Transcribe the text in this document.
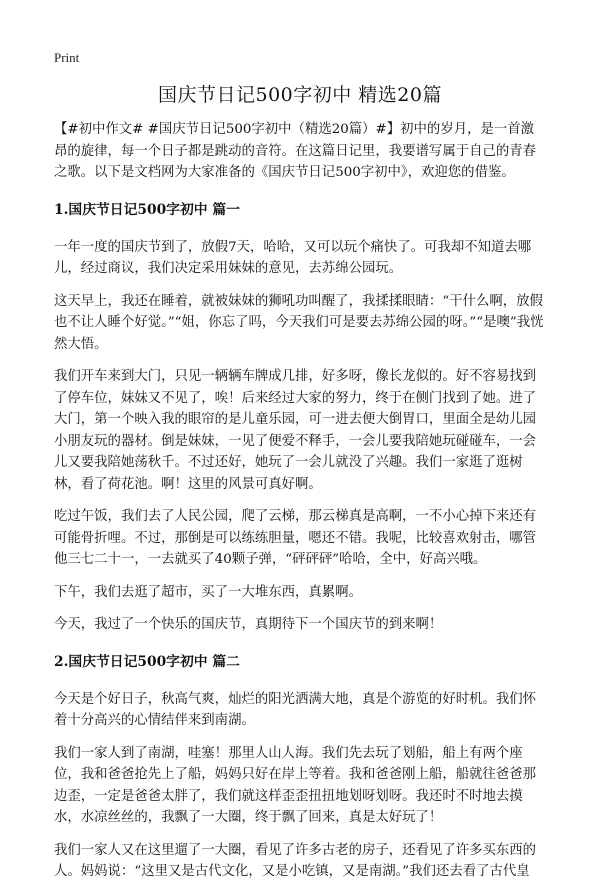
Print
国庆节日记500字初中 精选20篇

【#初中作文# #国庆节日记500字初中（精选20篇）#】初中的岁月，是一首激昂的旋律，每一个日子都是跳动的音符。在这篇日记里，我要谱写属于自己的青春之歌。以下是文档网为大家准备的《国庆节日记500字初中》，欢迎您的借鉴。

1.国庆节日记500字初中 篇一

一年一度的国庆节到了，放假7天，哈哈，又可以玩个痛快了。可我却不知道去哪儿，经过商议，我们决定采用妹妹的意见，去苏绵公园玩。

这天早上，我还在睡着，就被妹妹的狮吼功叫醒了，我揉揉眼睛：“干什么啊，放假也不让人睡个好觉。”“姐，你忘了吗，今天我们可是要去苏绵公园的呀。”“是噢”我恍然大悟。

我们开车来到大门，只见一辆辆车牌成几排，好多呀，像长龙似的。好不容易找到了停车位，妹妹又不见了，唉！后来经过大家的努力，终于在侧门找到了她。进了大门，第一个映入我的眼帘的是儿童乐园，可一进去便大倒胃口，里面全是幼儿园小朋友玩的器材。倒是妹妹，一见了便爱不释手，一会儿要我陪她玩碰碰车，一会儿又要我陪她荡秋千。不过还好，她玩了一会儿就没了兴趣。我们一家逛了逛树林，看了荷花池。啊！这里的风景可真好啊。

吃过午饭，我们去了人民公园，爬了云梯，那云梯真是高啊，一不小心掉下来还有可能骨折哩。不过，那倒是可以练练胆量，嗯还不错。我呢，比较喜欢射击，哪管他三七二十一，一去就买了40颗子弹，“砰砰砰”哈哈，全中，好高兴哦。

下午，我们去逛了超市，买了一大堆东西，真累啊。

今天，我过了一个快乐的国庆节，真期待下一个国庆节的到来啊！

2.国庆节日记500字初中 篇二

今天是个好日子，秋高气爽，灿烂的阳光洒满大地，真是个游览的好时机。我们怀着十分高兴的心情结伴来到南湖。

我们一家人到了南湖，哇塞！那里人山人海。我们先去玩了划船，船上有两个座位，我和爸爸抢先上了船，妈妈只好在岸上等着。我和爸爸刚上船，船就往爸爸那边歪，一定是爸爸太胖了，我们就这样歪歪扭扭地划呀划呀。我还时不时地去摸水，水凉丝丝的，我飘了一大圈，终于飘了回来，真是太好玩了！

我们一家人又在这里遛了一大圈，看见了许多古老的房子，还看见了许多买东西的人。妈妈说：“这里又是古代文化，又是小吃镇，又是南湖。”我们还去看了古代皇
